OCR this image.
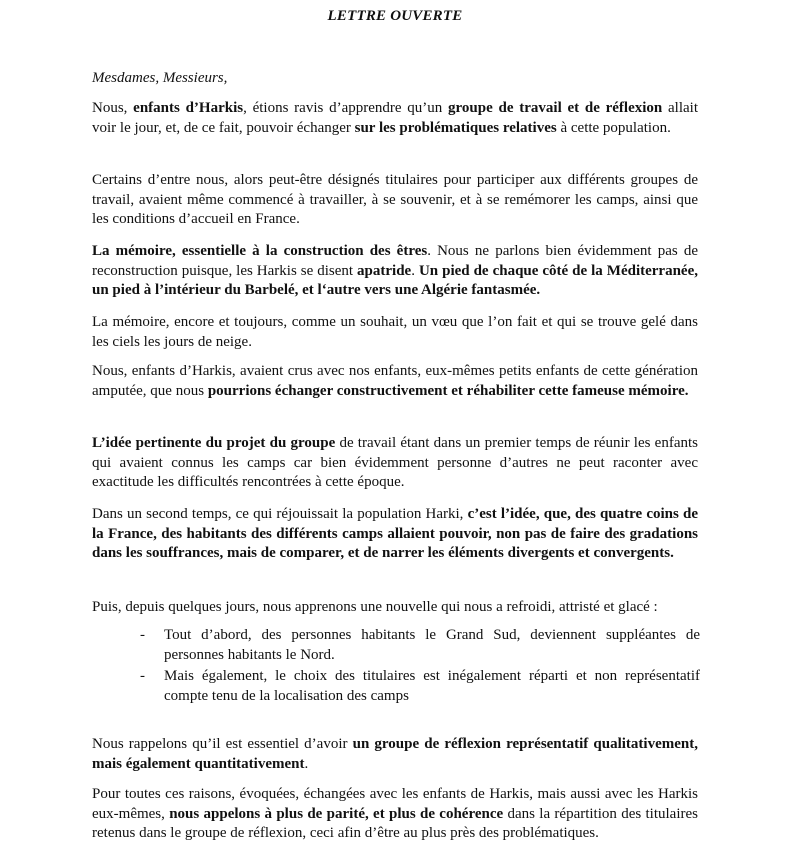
LETTRE OUVERTE
Mesdames, Messieurs,

Nous, enfants d’Harkis, étions ravis d’apprendre qu’un groupe de travail et de réflexion allait voir le jour, et, de ce fait, pouvoir échanger sur les problématiques relatives à cette population.

Certains d’entre nous, alors peut-être désignés titulaires pour participer aux différents groupes de travail, avaient même commencé à travailler, à se souvenir, et à se remémorer les camps, ainsi que les conditions d’accueil en France.

La mémoire, essentielle à la construction des êtres. Nous ne parlons bien évidemment pas de reconstruction puisque, les Harkis se disent apatride. Un pied de chaque côté de la Méditerranée, un pied à l’intérieur du Barbelé, et l‘autre vers une Algérie fantasmée.

La mémoire, encore et toujours, comme un souhait, un vœu que l’on fait et qui se trouve gelé dans les ciels les jours de neige.

Nous, enfants d’Harkis, avaient crus avec nos enfants, eux-mêmes petits enfants de cette génération amputée, que nous pourrions échanger constructivement et réhabiliter cette fameuse mémoire.

L’idée pertinente du projet du groupe de travail étant dans un premier temps de réunir les enfants qui avaient connus les camps car bien évidemment personne d’autres ne peut raconter avec exactitude les difficultés rencontrées à cette époque.

Dans un second temps, ce qui réjouissait la population Harki, c’est l’idée, que, des quatre coins de la France, des habitants des différents camps allaient pouvoir, non pas de faire des gradations dans les souffrances, mais de comparer, et de narrer les éléments divergents et convergents.

Puis, depuis quelques jours, nous apprenons une nouvelle qui nous a refroidi, attristé et glacé :

- Tout d’abord, des personnes habitants le Grand Sud, deviennent suppléantes de personnes habitants le Nord.
- Mais également, le choix des titulaires est inégalement réparti et non représentatif compte tenu de la localisation des camps

Nous rappelons qu’il est essentiel d’avoir un groupe de réflexion représentatif qualitativement, mais également quantitativement.

Pour toutes ces raisons, évoquées, échangées avec les enfants de Harkis, mais aussi avec les Harkis eux-mêmes, nous appelons à plus de parité, et plus de cohérence dans la répartition des titulaires retenus dans le groupe de réflexion, ceci afin d’être au plus près des problématiques.
